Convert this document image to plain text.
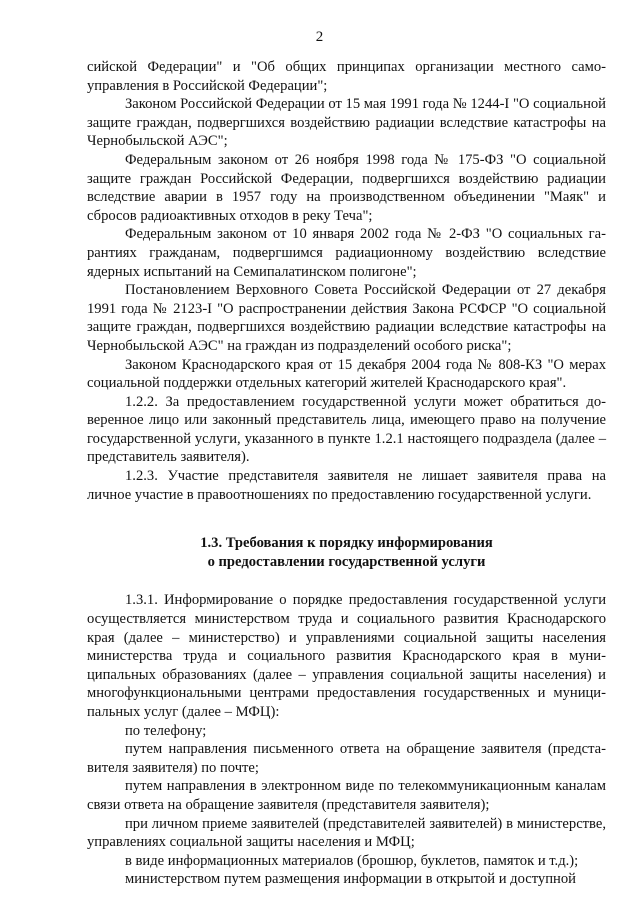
2

сийской Федерации" и "Об общих принципах организации местного самоуправления в Российской Федерации";

Законом Российской Федерации от 15 мая 1991 года № 1244-I "О социальной защите граждан, подвергшихся воздействию радиации вследствие катастрофы на Чернобыльской АЭС";

Федеральным законом от 26 ноября 1998 года № 175-ФЗ "О социальной защите граждан Российской Федерации, подвергшихся воздействию радиации вследствие аварии в 1957 году на производственном объединении "Маяк" и сбросов радиоактивных отходов в реку Теча";

Федеральным законом от 10 января 2002 года № 2-ФЗ "О социальных гарантиях гражданам, подвергшимся радиационному воздействию вследствие ядерных испытаний на Семипалатинском полигоне";

Постановлением Верховного Совета Российской Федерации от 27 декабря 1991 года № 2123-I "О распространении действия Закона РСФСР "О социальной защите граждан, подвергшихся воздействию радиации вследствие катастрофы на Чернобыльской АЭС" на граждан из подразделений особого риска";

Законом Краснодарского края от 15 декабря 2004 года № 808-КЗ "О мерах социальной поддержки отдельных категорий жителей Краснодарского края".

1.2.2. За предоставлением государственной услуги может обратиться доверенное лицо или законный представитель лица, имеющего право на получение государственной услуги, указанного в пункте 1.2.1 настоящего подраздела (далее – представитель заявителя).

1.2.3. Участие представителя заявителя не лишает заявителя права на личное участие в правоотношениях по предоставлению государственной услуги.

1.3. Требования к порядку информирования
о предоставлении государственной услуги

1.3.1. Информирование о порядке предоставления государственной услуги осуществляется министерством труда и социального развития Краснодарского края (далее – министерство) и управлениями социальной защиты населения министерства труда и социального развития Краснодарского края в муниципальных образованиях (далее – управления социальной защиты населения) и многофункциональными центрами предоставления государственных и муниципальных услуг (далее – МФЦ):

по телефону;

путем направления письменного ответа на обращение заявителя (представителя заявителя) по почте;

путем направления в электронном виде по телекоммуникационным каналам связи ответа на обращение заявителя (представителя заявителя);

при личном приеме заявителей (представителей заявителей) в министерстве, управлениях социальной защиты населения и МФЦ;

в виде информационных материалов (брошюр, буклетов, памяток и т.д.);

министерством путем размещения информации в открытой и доступной
